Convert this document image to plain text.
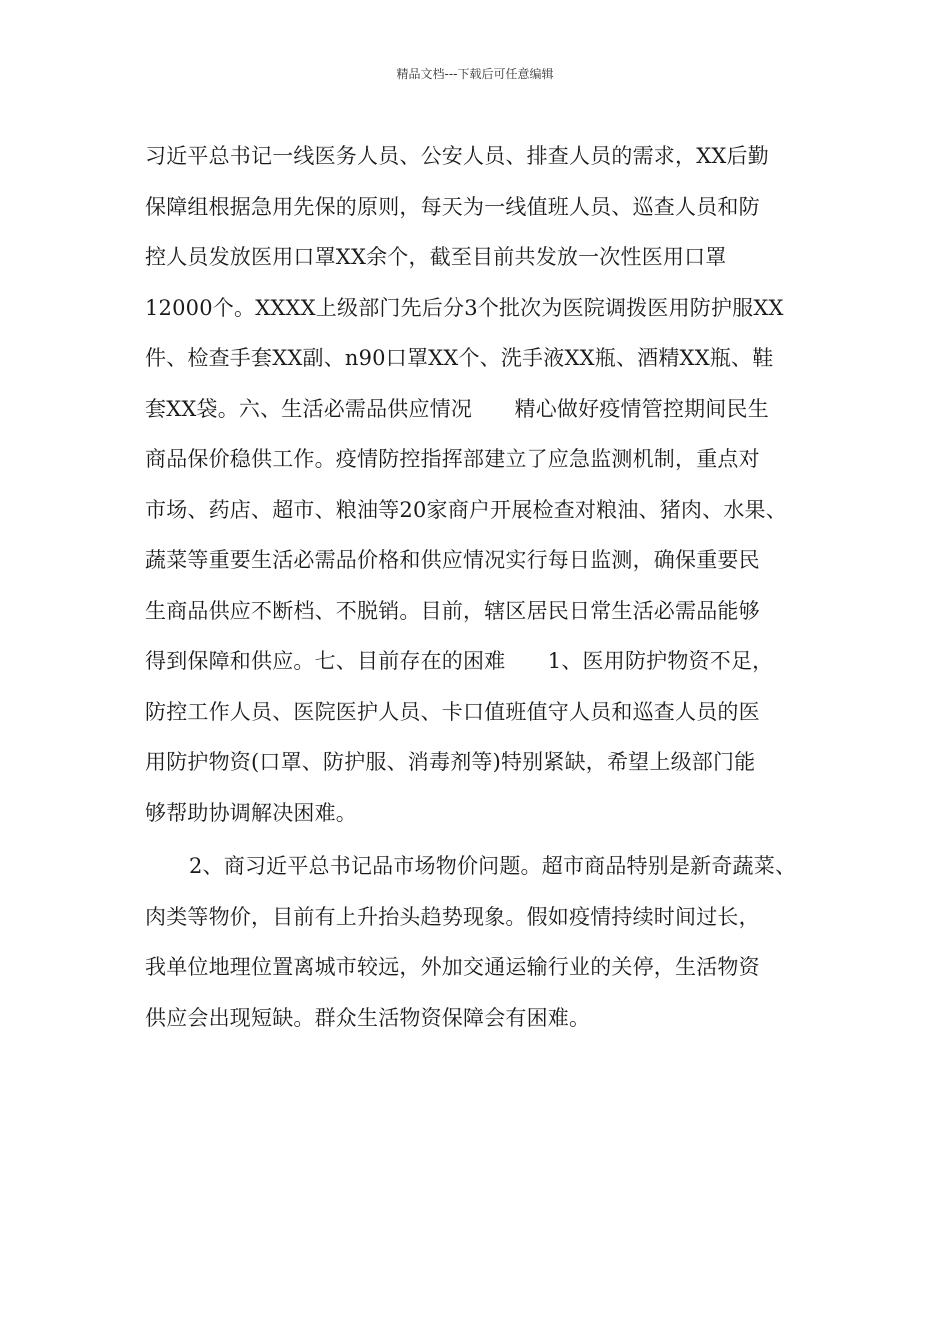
精品文档---下载后可任意编辑
习近平总书记一线医务人员、公安人员、排查人员的需求，XX后勤
保障组根据急用先保的原则，每天为一线值班人员、巡查人员和防
控人员发放医用口罩XX余个，截至目前共发放一次性医用口罩
12000个。XXXX上级部门先后分3个批次为医院调拨医用防护服XX
件、检查手套XX副、n90口罩XX个、洗手液XX瓶、酒精XX瓶、鞋
套XX袋。六、生活必需品供应情况　　精心做好疫情管控期间民生
商品保价稳供工作。疫情防控指挥部建立了应急监测机制，重点对
市场、药店、超市、粮油等20家商户开展检查对粮油、猪肉、水果、
蔬菜等重要生活必需品价格和供应情况实行每日监测，确保重要民
生商品供应不断档、不脱销。目前，辖区居民日常生活必需品能够
得到保障和供应。七、目前存在的困难　　1、医用防护物资不足，
防控工作人员、医院医护人员、卡口值班值守人员和巡查人员的医
用防护物资(口罩、防护服、消毒剂等)特别紧缺，希望上级部门能
够帮助协调解决困难。
2、商习近平总书记品市场物价问题。超市商品特别是新奇蔬菜、
肉类等物价，目前有上升抬头趋势现象。假如疫情持续时间过长，
我单位地理位置离城市较远，外加交通运输行业的关停，生活物资
供应会出现短缺。群众生活物资保障会有困难。
